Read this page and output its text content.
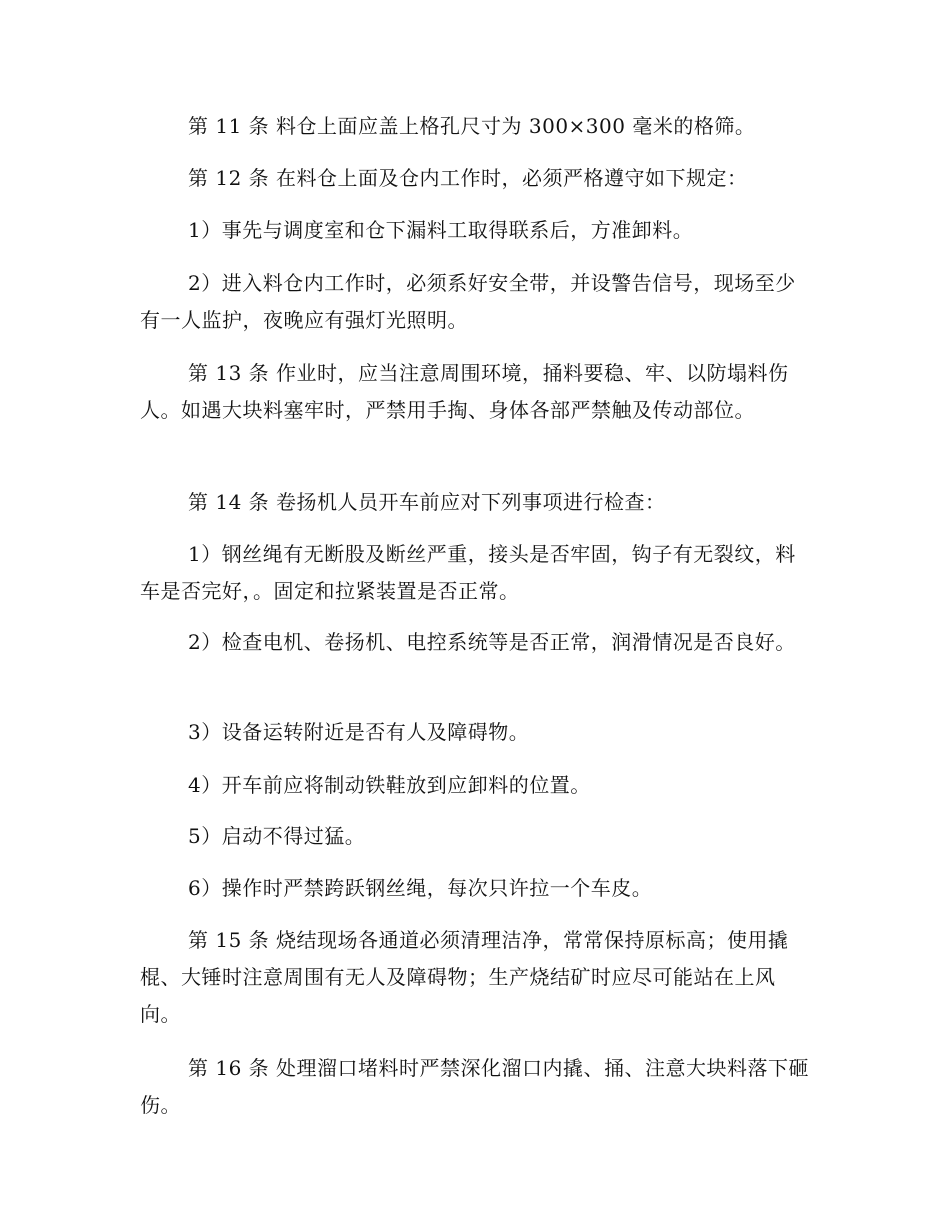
第 11 条 料仓上面应盖上格孔尺寸为 300×300 毫米的格筛。

第 12 条 在料仓上面及仓内工作时，必须严格遵守如下规定：

1）事先与调度室和仓下漏料工取得联系后，方准卸料。

2）进入料仓内工作时，必须系好安全带，并设警告信号，现场至少有一人监护，夜晚应有强灯光照明。

第 13 条 作业时，应当注意周围环境，捅料要稳、牢、以防塌料伤人。如遇大块料塞牢时，严禁用手掏、身体各部严禁触及传动部位。

第 14 条 卷扬机人员开车前应对下列事项进行检查：

1）钢丝绳有无断股及断丝严重，接头是否牢固，钩子有无裂纹，料车是否完好，。固定和拉紧装置是否正常。

2）检查电机、卷扬机、电控系统等是否正常，润滑情况是否良好。

3）设备运转附近是否有人及障碍物。

4）开车前应将制动铁鞋放到应卸料的位置。

5）启动不得过猛。

6）操作时严禁跨跃钢丝绳，每次只许拉一个车皮。

第 15 条 烧结现场各通道必须清理洁净，常常保持原标高；使用撬棍、大锤时注意周围有无人及障碍物；生产烧结矿时应尽可能站在上风向。

第 16 条 处理溜口堵料时严禁深化溜口内撬、捅、注意大块料落下砸伤。
